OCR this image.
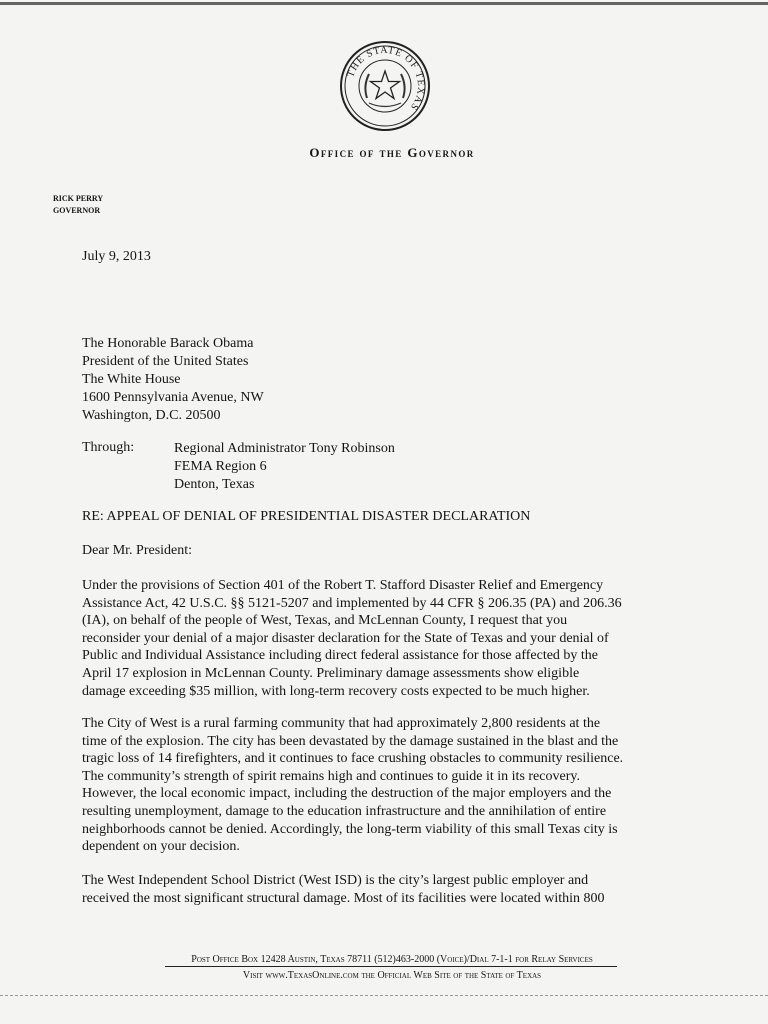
THE STATE OF TEXAS
Office of the Governor
RICK PERRY
GOVERNOR
July 9, 2013
The Honorable Barack Obama
President of the United States
The White House
1600 Pennsylvania Avenue, NW
Washington, D.C. 20500
Through:	Regional Administrator Tony Robinson
FEMA Region 6
Denton, Texas
RE: APPEAL OF DENIAL OF PRESIDENTIAL DISASTER DECLARATION
Dear Mr. President:
Under the provisions of Section 401 of the Robert T. Stafford Disaster Relief and Emergency
Assistance Act, 42 U.S.C. §§ 5121-5207 and implemented by 44 CFR § 206.35 (PA) and 206.36
(IA), on behalf of the people of West, Texas, and McLennan County, I request that you
reconsider your denial of a major disaster declaration for the State of Texas and your denial of
Public and Individual Assistance including direct federal assistance for those affected by the
April 17 explosion in McLennan County. Preliminary damage assessments show eligible
damage exceeding $35 million, with long-term recovery costs expected to be much higher.
The City of West is a rural farming community that had approximately 2,800 residents at the
time of the explosion. The city has been devastated by the damage sustained in the blast and the
tragic loss of 14 firefighters, and it continues to face crushing obstacles to community resilience.
The community’s strength of spirit remains high and continues to guide it in its recovery.
However, the local economic impact, including the destruction of the major employers and the
resulting unemployment, damage to the education infrastructure and the annihilation of entire
neighborhoods cannot be denied. Accordingly, the long-term viability of this small Texas city is
dependent on your decision.
The West Independent School District (West ISD) is the city’s largest public employer and
received the most significant structural damage. Most of its facilities were located within 800
Post Office Box 12428 Austin, Texas 78711 (512)463-2000 (Voice)/Dial 7-1-1 for Relay Services
Visit www.TexasOnline.com the Official Web Site of the State of Texas
